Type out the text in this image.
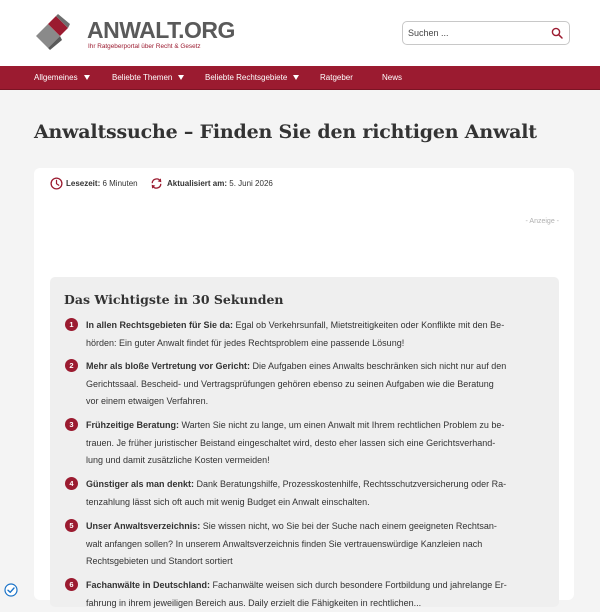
ANWALT.ORG
Ihr Ratgeberportal über Recht & Gesetz
Suchen ...
Allgemeines	Beliebte Themen	Beliebte Rechtsgebiete	Ratgeber	News
Anwaltssuche – Finden Sie den richtigen Anwalt
Lesezeit: 6 Minuten	Aktualisiert am: 5. Juni 2026
- Anzeige -
Das Wichtigste in 30 Sekunden
1	In allen Rechtsgebieten für Sie da: Egal ob Verkehrsunfall, Mietstreitigkeiten oder Konflikte mit den Be-
hörden: Ein guter Anwalt findet für jedes Rechtsproblem eine passende Lösung!
2	Mehr als bloße Vertretung vor Gericht: Die Aufgaben eines Anwalts beschränken sich nicht nur auf den
Gerichtssaal. Bescheid- und Vertragsprüfungen gehören ebenso zu seinen Aufgaben wie die Beratung
vor einem etwaigen Verfahren.
3	Frühzeitige Beratung: Warten Sie nicht zu lange, um einen Anwalt mit Ihrem rechtlichen Problem zu be-
trauen. Je früher juristischer Beistand eingeschaltet wird, desto eher lassen sich eine Gerichtsverhand-
lung und damit zusätzliche Kosten vermeiden!
4	Günstiger als man denkt: Dank Beratungshilfe, Prozesskostenhilfe, Rechtsschutzversicherung oder Ra-
tenzahlung lässt sich oft auch mit wenig Budget ein Anwalt einschalten.
5	Unser Anwaltsverzeichnis: Sie wissen nicht, wo Sie bei der Suche nach einem geeigneten Rechtsan-
walt anfangen sollen? In unserem Anwaltsverzeichnis finden Sie vertrauenswürdige Kanzleien nach
Rechtsgebieten und Standort sortiert
6	Fachanwälte in Deutschland: Fachanwälte weisen sich durch besondere Fortbildung und jahrelange Er-
fahrung in ihrem jeweiligen Bereich aus. Daily erzielt die Fähigkeiten in rechtlichen...
